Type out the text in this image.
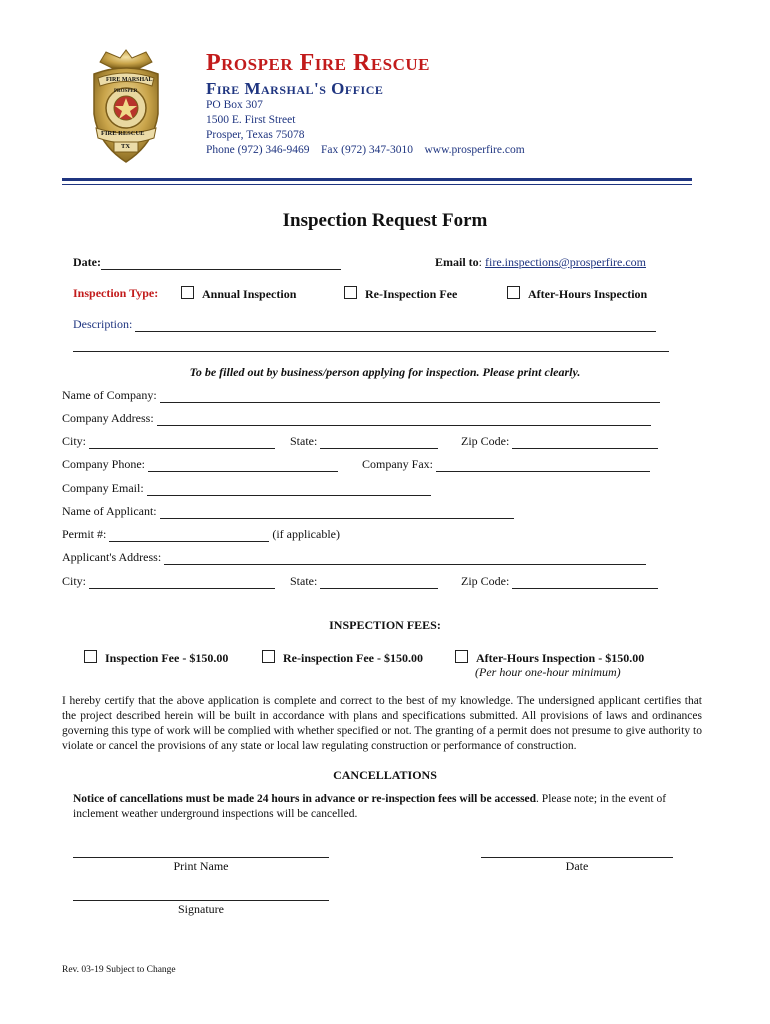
FIRE MARSHAL
PROSPER
FIRE RESCUE
TX
Prosper Fire Rescue
Fire Marshal's Office
PO Box 307
1500 E. First Street
Prosper, Texas 75078
Phone (972) 346-9469 Fax (972) 347-3010 www.prosperfire.com
Inspection Request Form
Date:	Email to: fire.inspections@prosperfire.com
Inspection Type:	Annual Inspection	Re-Inspection Fee	After-Hours Inspection
Description:
To be filled out by business/person applying for inspection. Please print clearly.
Name of Company:
Company Address:
City:	State:	Zip Code:
Company Phone:	Company Fax:
Company Email:
Name of Applicant:
Permit #:	(if applicable)
Applicant's Address:
City:	State:	Zip Code:
INSPECTION FEES:
Inspection Fee - $150.00	Re-inspection Fee - $150.00	After-Hours Inspection - $150.00
(Per hour one-hour minimum)
I hereby certify that the above application is complete and correct to the best of my knowledge. The undersigned applicant certifies that the project described herein will be built in accordance with plans and specifications submitted. All provisions of laws and ordinances governing this type of work will be complied with whether specified or not. The granting of a permit does not presume to give authority to violate or cancel the provisions of any state or local law regulating construction or performance of construction.
CANCELLATIONS
Notice of cancellations must be made 24 hours in advance or re-inspection fees will be accessed. Please note; in the event of inclement weather underground inspections will be cancelled.
Print Name	Date
Signature
Rev. 03-19 Subject to Change
